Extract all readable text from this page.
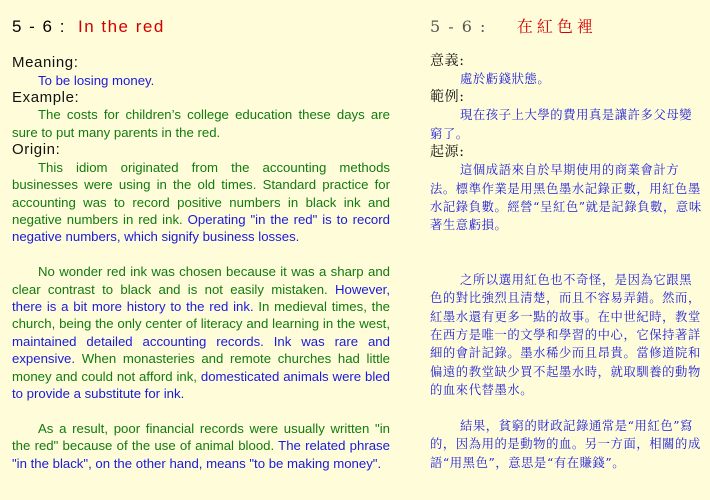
5 - 6 : In the red
Meaning:

To be losing money.

Example:

The costs for children’s college education these days are sure to put many parents in the red.

Origin:

This idiom originated from the accounting methods businesses were using in the old times. Standard practice for accounting was to record positive numbers in black ink and negative numbers in red ink. Operating "in the red" is to record negative numbers, which signify business losses.

No wonder red ink was chosen because it was a sharp and clear contrast to black and is not easily mistaken. However, there is a bit more history to the red ink. In medieval times, the church, being the only center of literacy and learning in the west, maintained detailed accounting records. Ink was rare and expensive. When monasteries and remote churches had little money and could not afford ink, domesticated animals were bled to provide a substitute for ink.

As a result, poor financial records were usually written "in the red" because of the use of animal blood. The related phrase "in the black", on the other hand, means "to be making money".

5 - 6 : 在紅色裡
意義:

處於虧錢狀態。

範例:

現在孩子上大學的費用真是讓許多父母變窮了。

起源:

這個成語來自於早期使用的商業會計方法。標準作業是用黑色墨水記錄正數，用紅色墨水記錄負數。經營“呈紅色”就是記錄負數，意味著生意虧損。

之所以選用紅色也不奇怪，是因為它跟黑色的對比強烈且清楚，而且不容易弄錯。然而，紅墨水還有更多一點的故事。在中世紀時，教堂在西方是唯一的文學和學習的中心，它保持著詳細的會計記錄。墨水稀少而且昂貴。當修道院和偏遠的教堂缺少買不起墨水時，就取馴養的動物的血來代替墨水。

結果，貧窮的財政記錄通常是“用紅色”寫的，因為用的是動物的血。另一方面，相關的成語“用黑色”，意思是“有在賺錢”。
